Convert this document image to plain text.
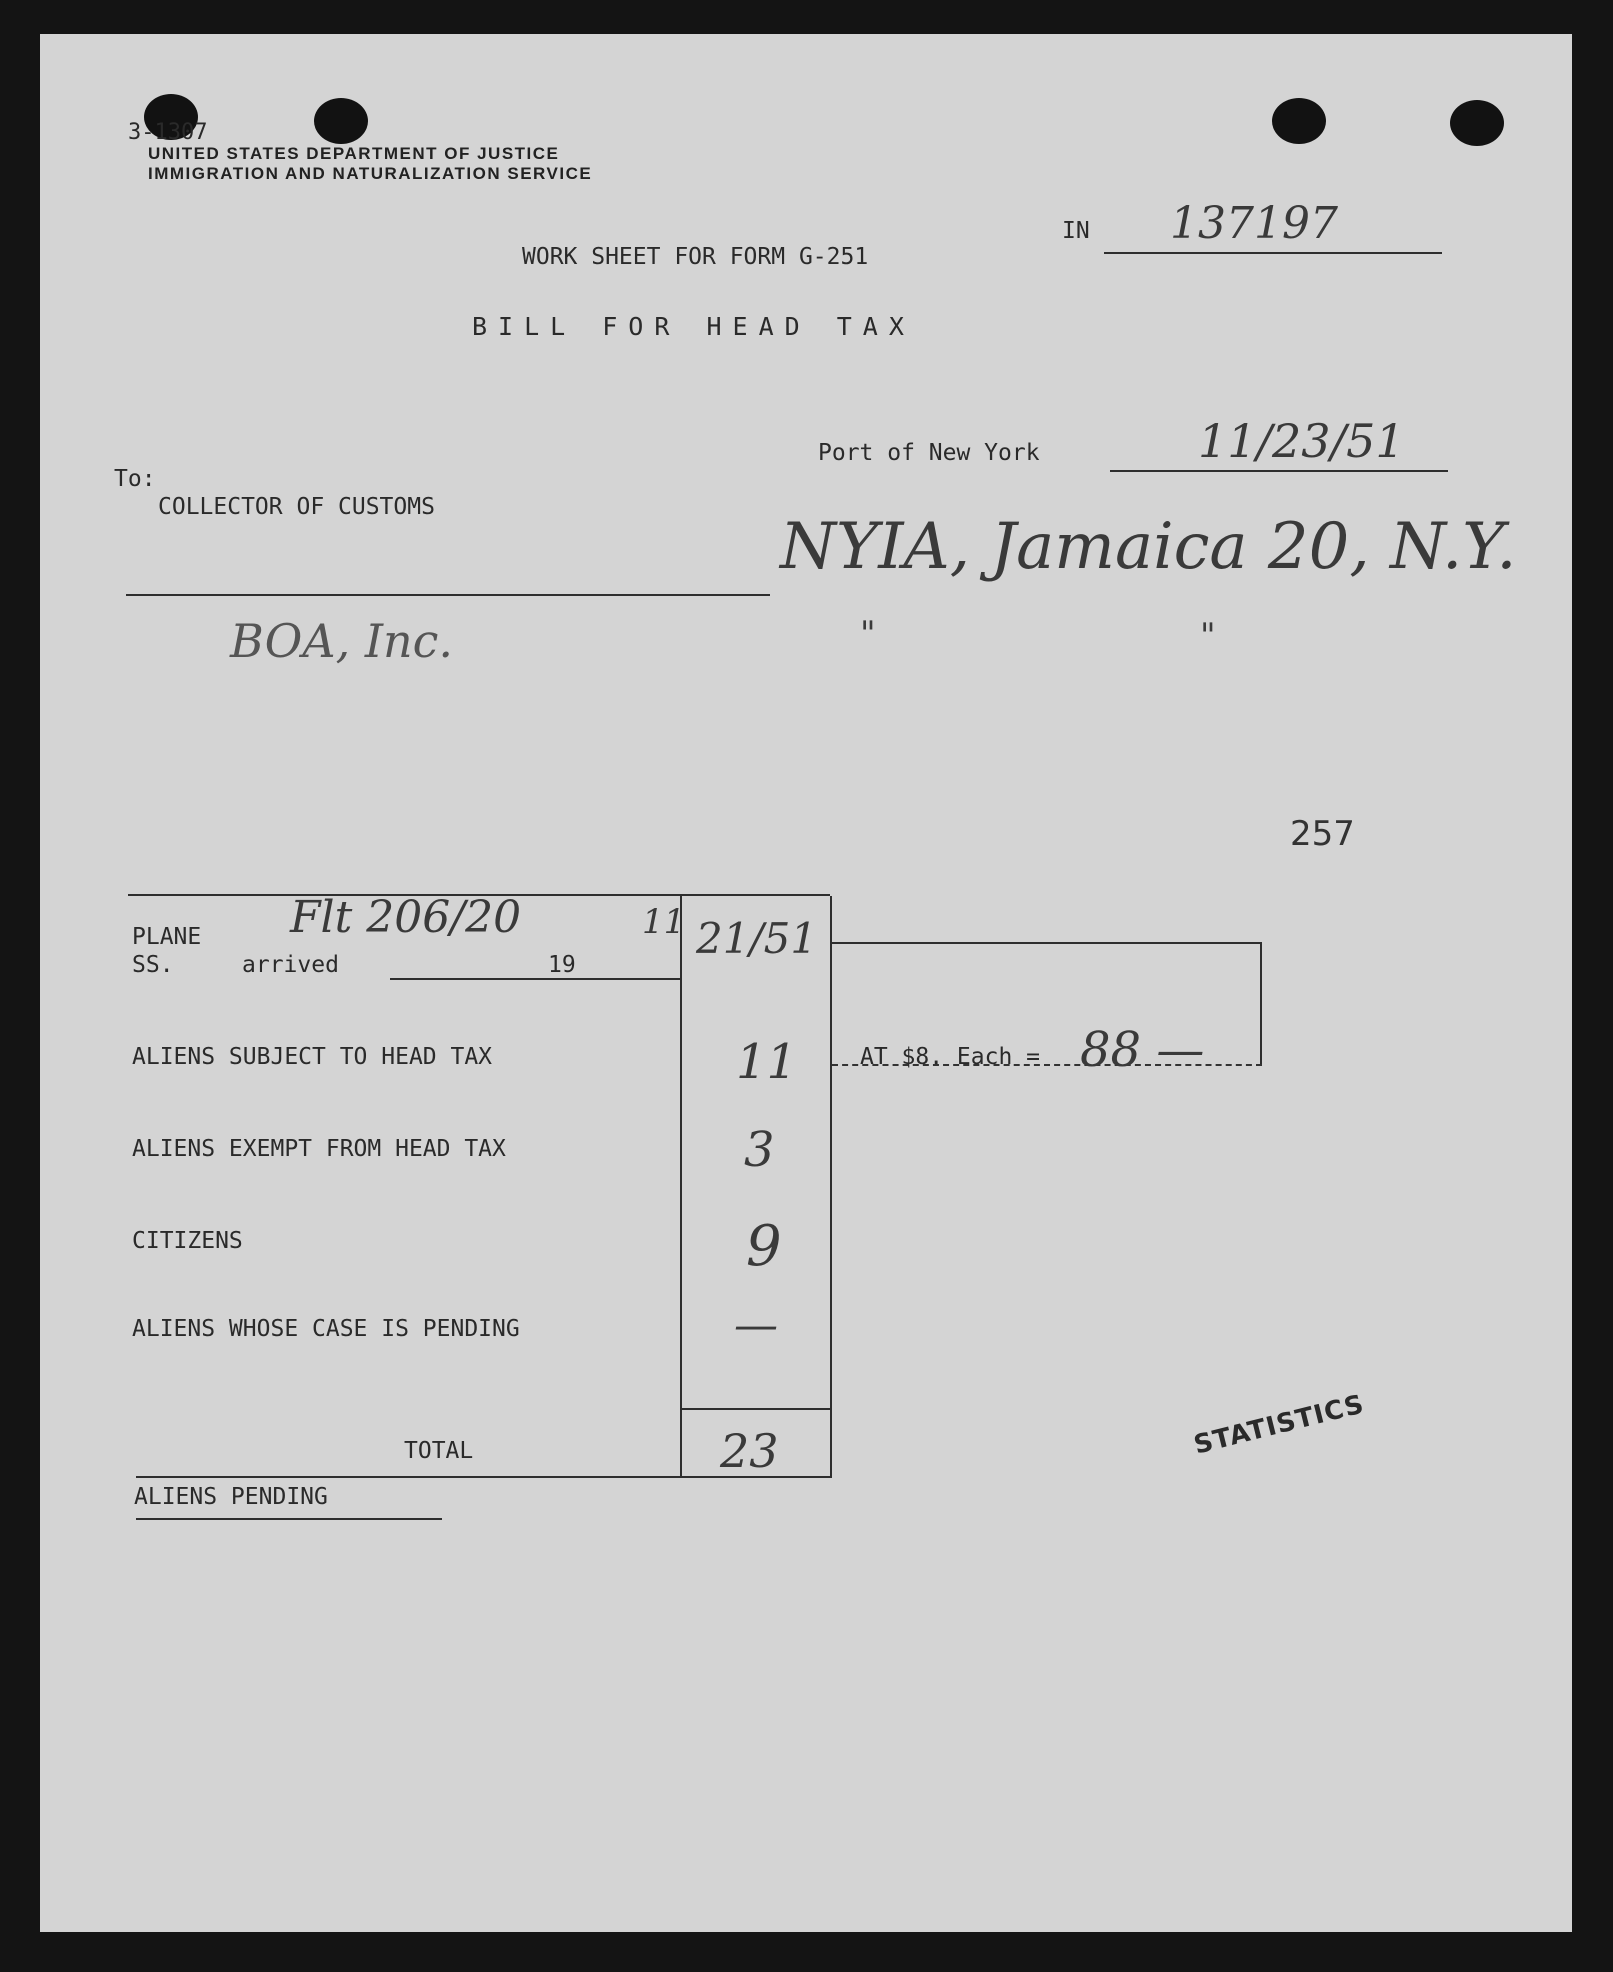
3-1307
UNITED STATES DEPARTMENT OF JUSTICE
IMMIGRATION AND NATURALIZATION SERVICE
IN 137197
WORK SHEET FOR FORM G-251
BILL FOR HEAD TAX
Port of New York	11/23/51
To:
COLLECTOR OF CUSTOMS
NYIA, Jamaica 20, N.Y.
BOA, Inc.	"	"
257
PLANE
SS.	arrived	19
Flt 206/20	11 21/51
ALIENS SUBJECT TO HEAD TAX	11
ALIENS EXEMPT FROM HEAD TAX	3
CITIZENS	9
ALIENS WHOSE CASE IS PENDING	—
AT $8. Each = 88 —
TOTAL	23
ALIENS PENDING
STATISTICS
